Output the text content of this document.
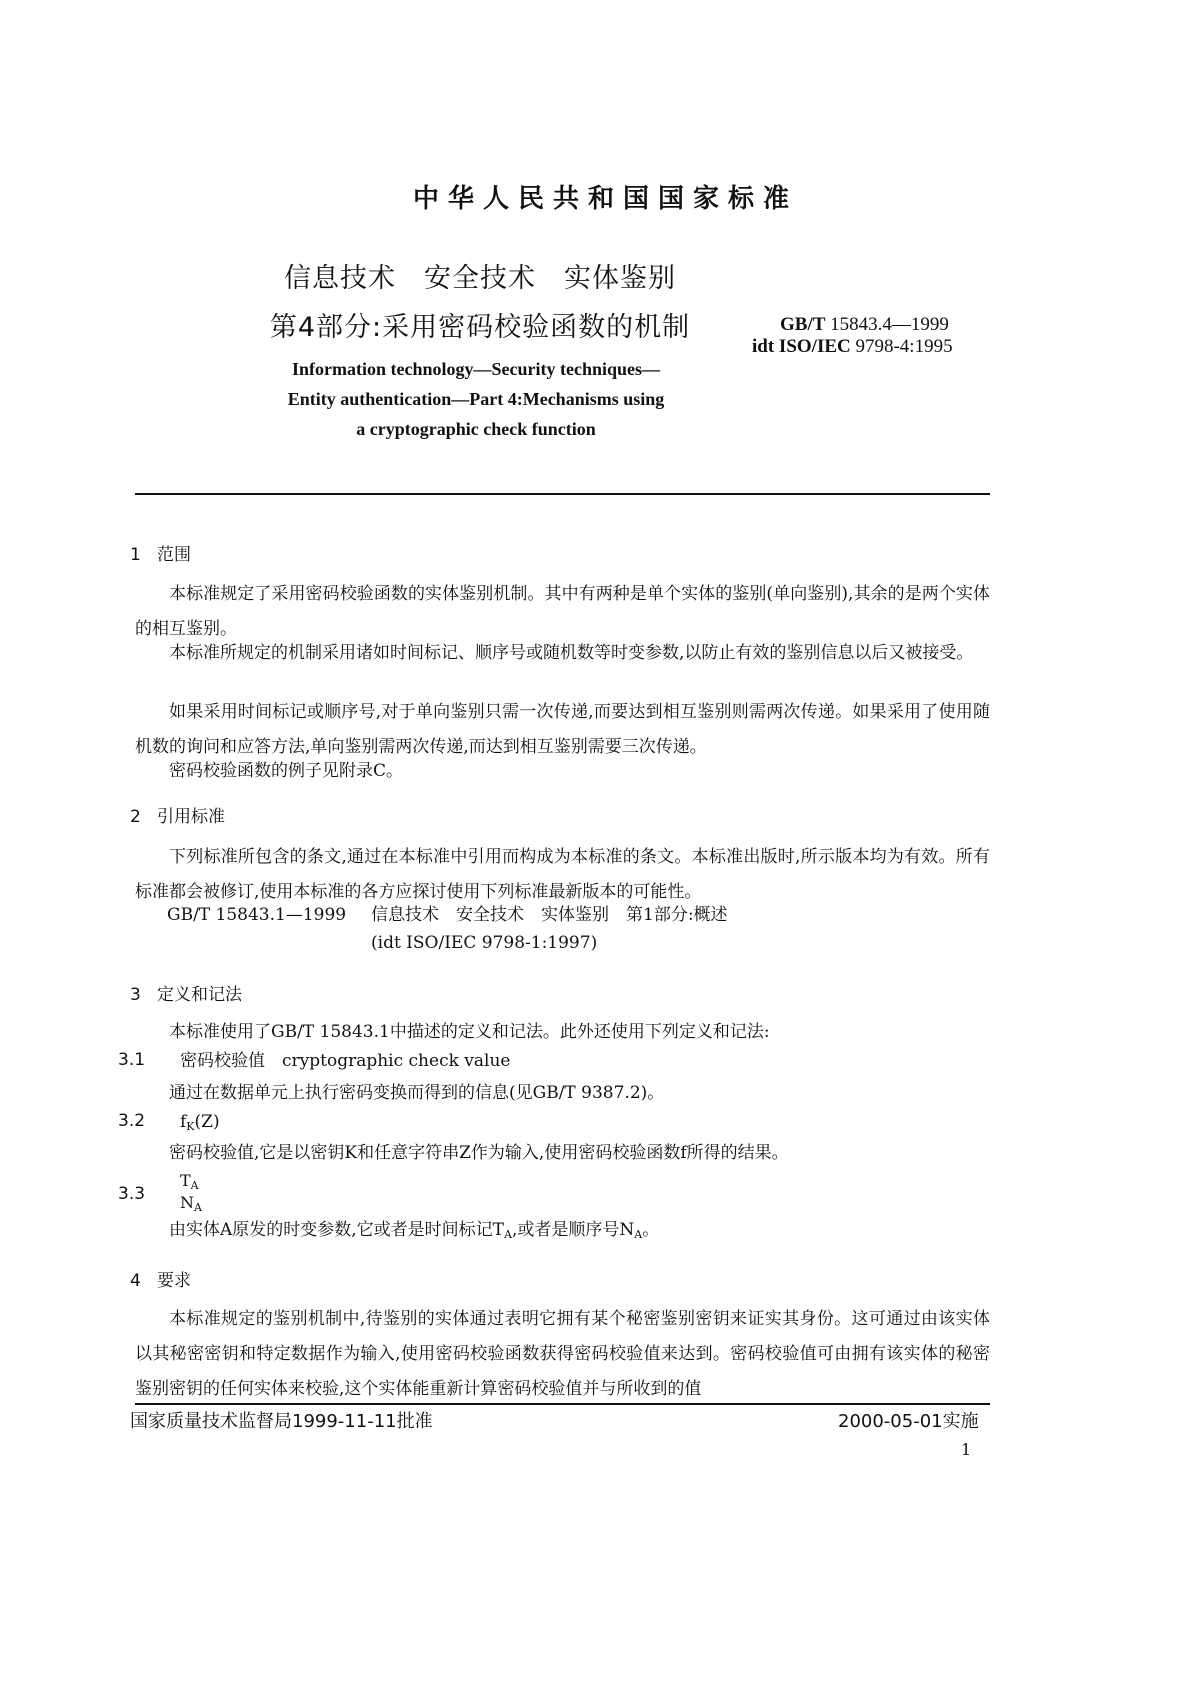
中华人民共和国国家标准
信息技术　安全技术　实体鉴别
第4部分:采用密码校验函数的机制	GB/T 15843.4—1999
idt ISO/IEC 9798-4:1995
Information technology—Security techniques—
Entity authentication—Part 4:Mechanisms using
a cryptographic check function
1 范围
本标准规定了采用密码校验函数的实体鉴别机制。其中有两种是单个实体的鉴别(单向鉴别),其余的是两个实体的相互鉴别。
本标准所规定的机制采用诸如时间标记、顺序号或随机数等时变参数,以防止有效的鉴别信息以后又被接受。
如果采用时间标记或顺序号,对于单向鉴别只需一次传递,而要达到相互鉴别则需两次传递。如果采用了使用随机数的询问和应答方法,单向鉴别需两次传递,而达到相互鉴别需要三次传递。
密码校验函数的例子见附录C。
2 引用标准
下列标准所包含的条文,通过在本标准中引用而构成为本标准的条文。本标准出版时,所示版本均为有效。所有标准都会被修订,使用本标准的各方应探讨使用下列标准最新版本的可能性。
GB/T 15843.1—1999 信息技术　安全技术　实体鉴别　第1部分:概述
(idt ISO/IEC 9798-1:1997)
3 定义和记法
本标准使用了GB/T 15843.1中描述的定义和记法。此外还使用下列定义和记法:
3.1 密码校验值　cryptographic check value
通过在数据单元上执行密码变换而得到的信息(见GB/T 9387.2)。
3.2 $f_K(Z)$
密码校验值,它是以密钥K和任意字符串Z作为输入,使用密码校验函数f所得的结果。
3.3
$T_A$
$N_A$
由实体A原发的时变参数,它或者是时间标记$T_A$,或者是顺序号$N_A$。
4 要求
本标准规定的鉴别机制中,待鉴别的实体通过表明它拥有某个秘密鉴别密钥来证实其身份。这可通过由该实体以其秘密密钥和特定数据作为输入,使用密码校验函数获得密码校验值来达到。密码校验值可由拥有该实体的秘密鉴别密钥的任何实体来校验,这个实体能重新计算密码校验值并与所收到的值
国家质量技术监督局1999-11-11批准	2000-05-01实施
1
